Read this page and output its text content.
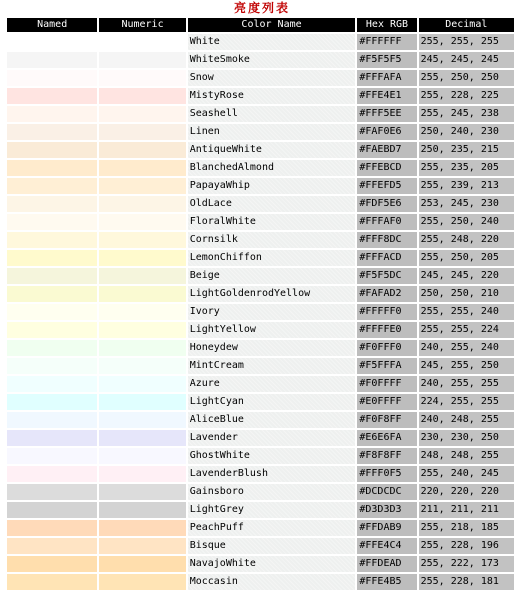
亮度列表
Named	Numeric	Color Name	Hex RGB	Decimal
		White	#FFFFFF	255, 255, 255
		WhiteSmoke	#F5F5F5	245, 245, 245
		Snow	#FFFAFA	255, 250, 250
		MistyRose	#FFE4E1	255, 228, 225
		Seashell	#FFF5EE	255, 245, 238
		Linen	#FAF0E6	250, 240, 230
		AntiqueWhite	#FAEBD7	250, 235, 215
		BlanchedAlmond	#FFEBCD	255, 235, 205
		PapayaWhip	#FFEFD5	255, 239, 213
		OldLace	#FDF5E6	253, 245, 230
		FloralWhite	#FFFAF0	255, 250, 240
		Cornsilk	#FFF8DC	255, 248, 220
		LemonChiffon	#FFFACD	255, 250, 205
		Beige	#F5F5DC	245, 245, 220
		LightGoldenrodYellow	#FAFAD2	250, 250, 210
		Ivory	#FFFFF0	255, 255, 240
		LightYellow	#FFFFE0	255, 255, 224
		Honeydew	#F0FFF0	240, 255, 240
		MintCream	#F5FFFA	245, 255, 250
		Azure	#F0FFFF	240, 255, 255
		LightCyan	#E0FFFF	224, 255, 255
		AliceBlue	#F0F8FF	240, 248, 255
		Lavender	#E6E6FA	230, 230, 250
		GhostWhite	#F8F8FF	248, 248, 255
		LavenderBlush	#FFF0F5	255, 240, 245
		Gainsboro	#DCDCDC	220, 220, 220
		LightGrey	#D3D3D3	211, 211, 211
		PeachPuff	#FFDAB9	255, 218, 185
		Bisque	#FFE4C4	255, 228, 196
		NavajoWhite	#FFDEAD	255, 222, 173
		Moccasin	#FFE4B5	255, 228, 181
